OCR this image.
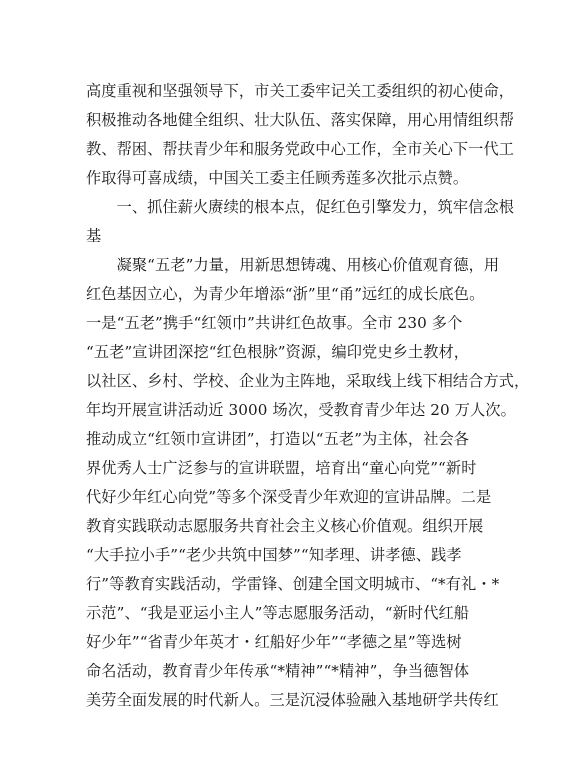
高度重视和坚强领导下，市关工委牢记关工委组织的初心使命，
积极推动各地健全组织、壮大队伍、落实保障，用心用情组织帮
教、帮困、帮扶青少年和服务党政中心工作，全市关心下一代工
作取得可喜成绩，中国关工委主任顾秀莲多次批示点赞。
　　一、抓住薪火赓续的根本点，促红色引擎发力，筑牢信念根
基
　　凝聚“五老”力量，用新思想铸魂、用核心价值观育德，用
红色基因立心，为青少年增添“浙”里“甬”远红的成长底色。
一是“五老”携手“红领巾”共讲红色故事。全市 230 多个
“五老”宣讲团深挖“红色根脉”资源，编印党史乡土教材，
以社区、乡村、学校、企业为主阵地，采取线上线下相结合方式，
年均开展宣讲活动近 3000 场次，受教育青少年达 20 万人次。
推动成立“红领巾宣讲团”，打造以“五老”为主体，社会各
界优秀人士广泛参与的宣讲联盟，培育出“童心向党”“新时
代好少年红心向党”等多个深受青少年欢迎的宣讲品牌。二是
教育实践联动志愿服务共育社会主义核心价值观。组织开展
“大手拉小手”“老少共筑中国梦”“知孝理、讲孝德、践孝
行”等教育实践活动，学雷锋、创建全国文明城市、“*有礼・*
示范”、“我是亚运小主人”等志愿服务活动，“新时代红船
好少年”“省青少年英才・红船好少年”“孝德之星”等选树
命名活动，教育青少年传承“*精神”“*精神”，争当德智体
美劳全面发展的时代新人。三是沉浸体验融入基地研学共传红
